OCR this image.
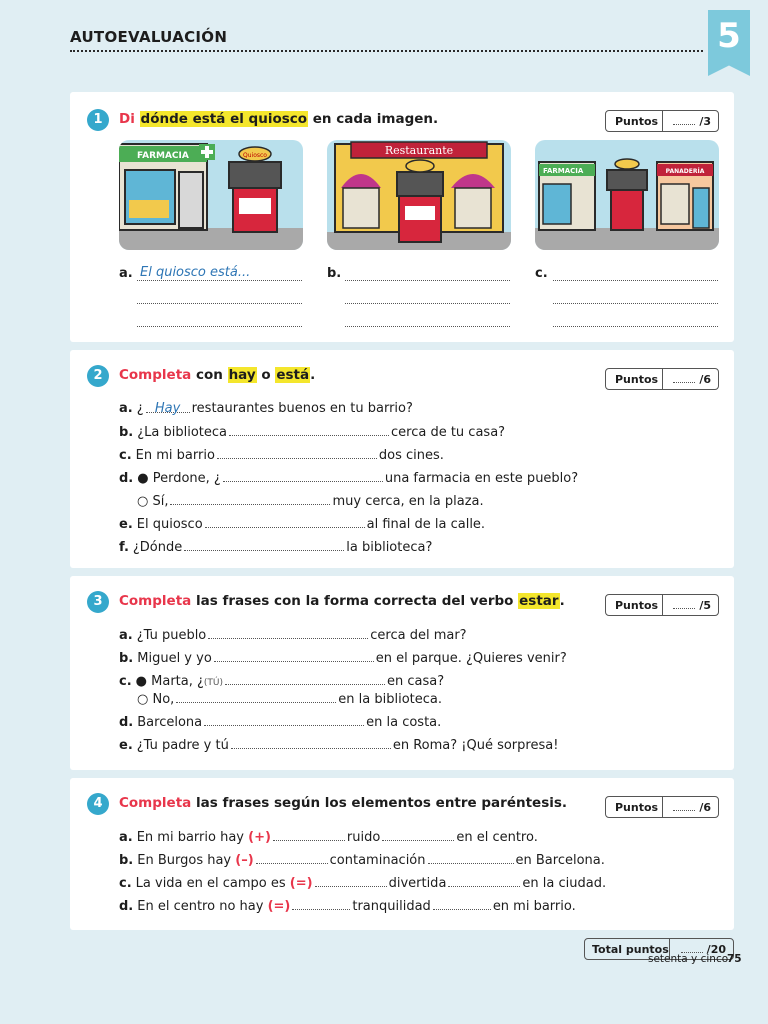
AUTOEVALUACIÓN	5
1	Di dónde está el quiosco en cada imagen.	Puntos	/3
FARMACIA	Quiosco	Restaurante
FARMACIA	PANADERÍA
a. El quiosco está...	b.	c.
2	Completa con hay o está.	Puntos	/6
a. ¿ Hay restaurantes buenos en tu barrio?
b. ¿La biblioteca	cerca de tu casa?
c. En mi barrio	dos cines.
d. ● Perdone, ¿	una farmacia en este pueblo?
○ Sí,	muy cerca, en la plaza.
e. El quiosco	al final de la calle.
f. ¿Dónde	la biblioteca?
3	Completa las frases con la forma correcta del verbo estar.	Puntos	/5
a. ¿Tu pueblo	cerca del mar?
b. Miguel y yo	en el parque. ¿Quieres venir?
c. ● Marta, ¿(TÚ)	en casa?
○ No,	en la biblioteca.
d. Barcelona	en la costa.
e. ¿Tu padre y tú	en Roma? ¡Qué sorpresa!
4	Completa las frases según los elementos entre paréntesis.	Puntos	/6
a. En mi barrio hay (+)	ruido	en el centro.
b. En Burgos hay (–)	contaminación	en Barcelona.
c. La vida en el campo es (=)	divertida	en la ciudad.
d. En el centro no hay (=)	tranquilidad	en mi barrio.
Total puntos	/20
setenta y cinco
75
